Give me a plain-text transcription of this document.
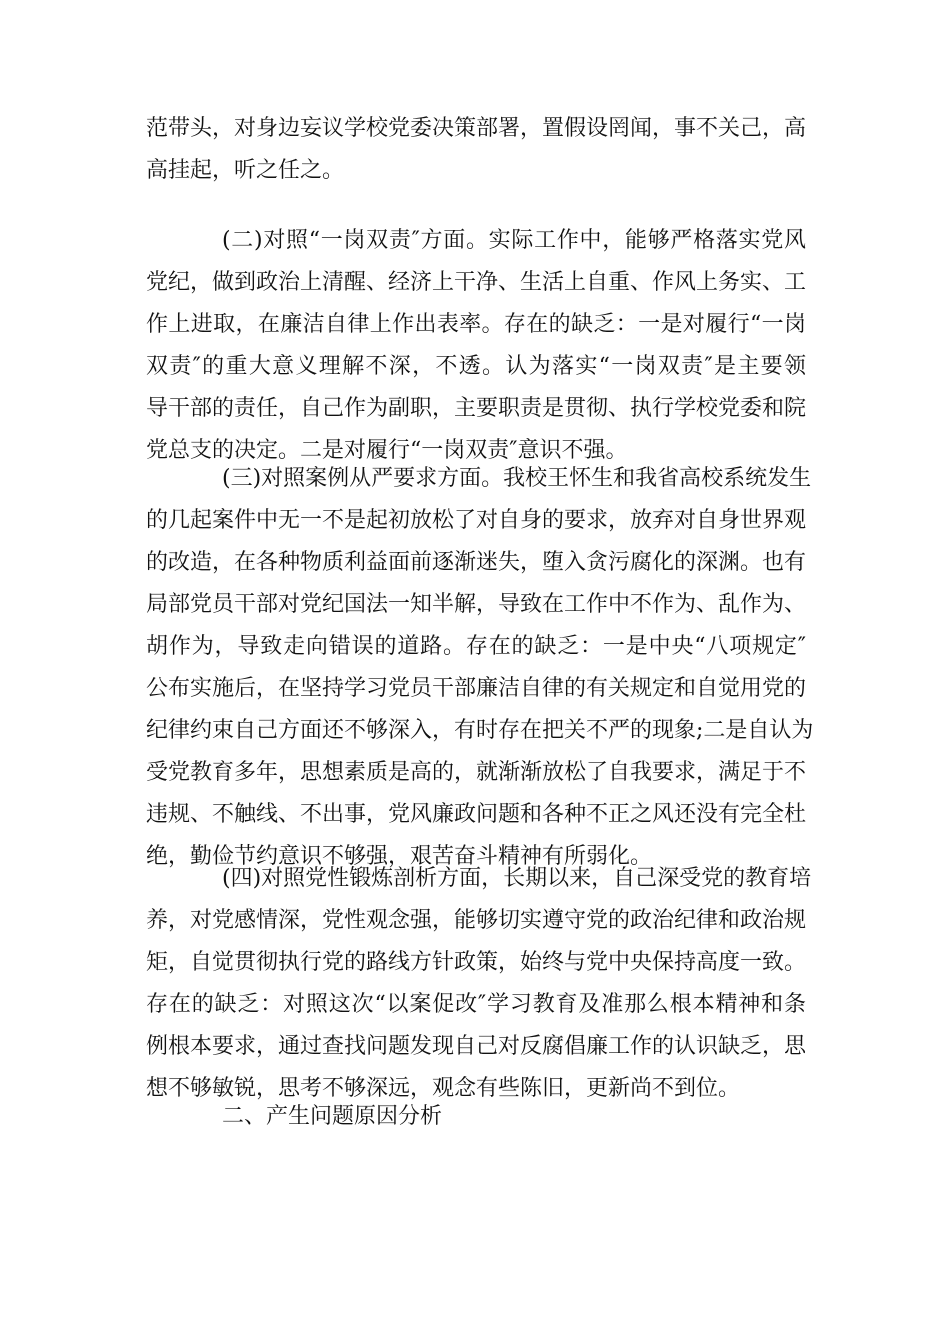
范带头，对身边妄议学校党委决策部署，置假设罔闻，事不关己，高
高挂起，听之任之。
(二)对照“一岗双责″方面。实际工作中，能够严格落实党风
党纪，做到政治上清醒、经济上干净、生活上自重、作风上务实、工
作上进取，在廉洁自律上作出表率。存在的缺乏：一是对履行“一岗
双责″的重大意义理解不深，不透。认为落实“一岗双责″是主要领
导干部的责任，自己作为副职，主要职责是贯彻、执行学校党委和院
党总支的决定。二是对履行“一岗双责″意识不强。
(三)对照案例从严要求方面。我校王怀生和我省高校系统发生
的几起案件中无一不是起初放松了对自身的要求，放弃对自身世界观
的改造，在各种物质利益面前逐渐迷失，堕入贪污腐化的深渊。也有
局部党员干部对党纪国法一知半解，导致在工作中不作为、乱作为、
胡作为，导致走向错误的道路。存在的缺乏：一是中央“八项规定″
公布实施后，在坚持学习党员干部廉洁自律的有关规定和自觉用党的
纪律约束自己方面还不够深入，有时存在把关不严的现象;二是自认为
受党教育多年，思想素质是高的，就渐渐放松了自我要求，满足于不
违规、不触线、不出事，党风廉政问题和各种不正之风还没有完全杜
绝，勤俭节约意识不够强，艰苦奋斗精神有所弱化。
(四)对照党性锻炼剖析方面，长期以来，自己深受党的教育培
养，对党感情深，党性观念强，能够切实遵守党的政治纪律和政治规
矩，自觉贯彻执行党的路线方针政策，始终与党中央保持高度一致。
存在的缺乏：对照这次“以案促改″学习教育及准那么根本精神和条
例根本要求，通过查找问题发现自己对反腐倡廉工作的认识缺乏，思
想不够敏锐，思考不够深远，观念有些陈旧，更新尚不到位。
二、产生问题原因分析
